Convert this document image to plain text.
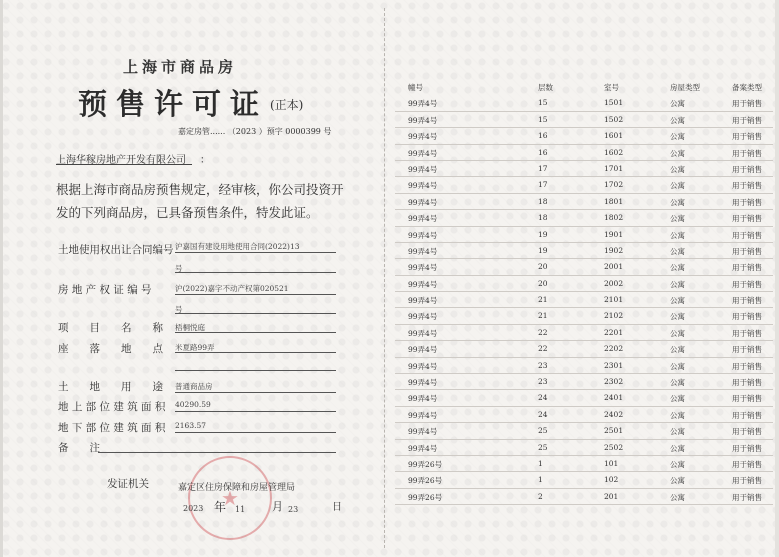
上海市商品房
预售许可证 (正本)
嘉定房管...... （2023 ）预字 0000399 号
上海华稼房地产开发有限公司 ：
根据上海市商品房预售规定，经审核，你公司投资开发的下列商品房，已具备预售条件，特发此证。
土地使用权出让合同编号 沪嘉国有建设用地使用合同(2022)13
号
房 地 产 权 证 编 号	沪(2022)嘉字不动产权第020521
号
项　　目　　名　　称 梧桐悦庭
座　　落　　地　　点 米夏路99弄
土　　地　　用　　途 普通商品房
地 上 部 位 建 筑 面 积 40290.59
地 下 部 位 建 筑 面 积 2163.57
备　　注
★
发证机关	嘉定区住房保障和房屋管理局
2023 年 11 月 23	日
幢号	层数	室号	房屋类型	备案类型
99弄4号	15	1501	公寓	用于销售
99弄4号	15	1502	公寓	用于销售
99弄4号	16	1601	公寓	用于销售
99弄4号	16	1602	公寓	用于销售
99弄4号	17	1701	公寓	用于销售
99弄4号	17	1702	公寓	用于销售
99弄4号	18	1801	公寓	用于销售
99弄4号	18	1802	公寓	用于销售
99弄4号	19	1901	公寓	用于销售
99弄4号	19	1902	公寓	用于销售
99弄4号	20	2001	公寓	用于销售
99弄4号	20	2002	公寓	用于销售
99弄4号	21	2101	公寓	用于销售
99弄4号	21	2102	公寓	用于销售
99弄4号	22	2201	公寓	用于销售
99弄4号	22	2202	公寓	用于销售
99弄4号	23	2301	公寓	用于销售
99弄4号	23	2302	公寓	用于销售
99弄4号	24	2401	公寓	用于销售
99弄4号	24	2402	公寓	用于销售
99弄4号	25	2501	公寓	用于销售
99弄4号	25	2502	公寓	用于销售
99弄26号	1	101	公寓	用于销售
99弄26号	1	102	公寓	用于销售
99弄26号	2	201	公寓	用于销售
